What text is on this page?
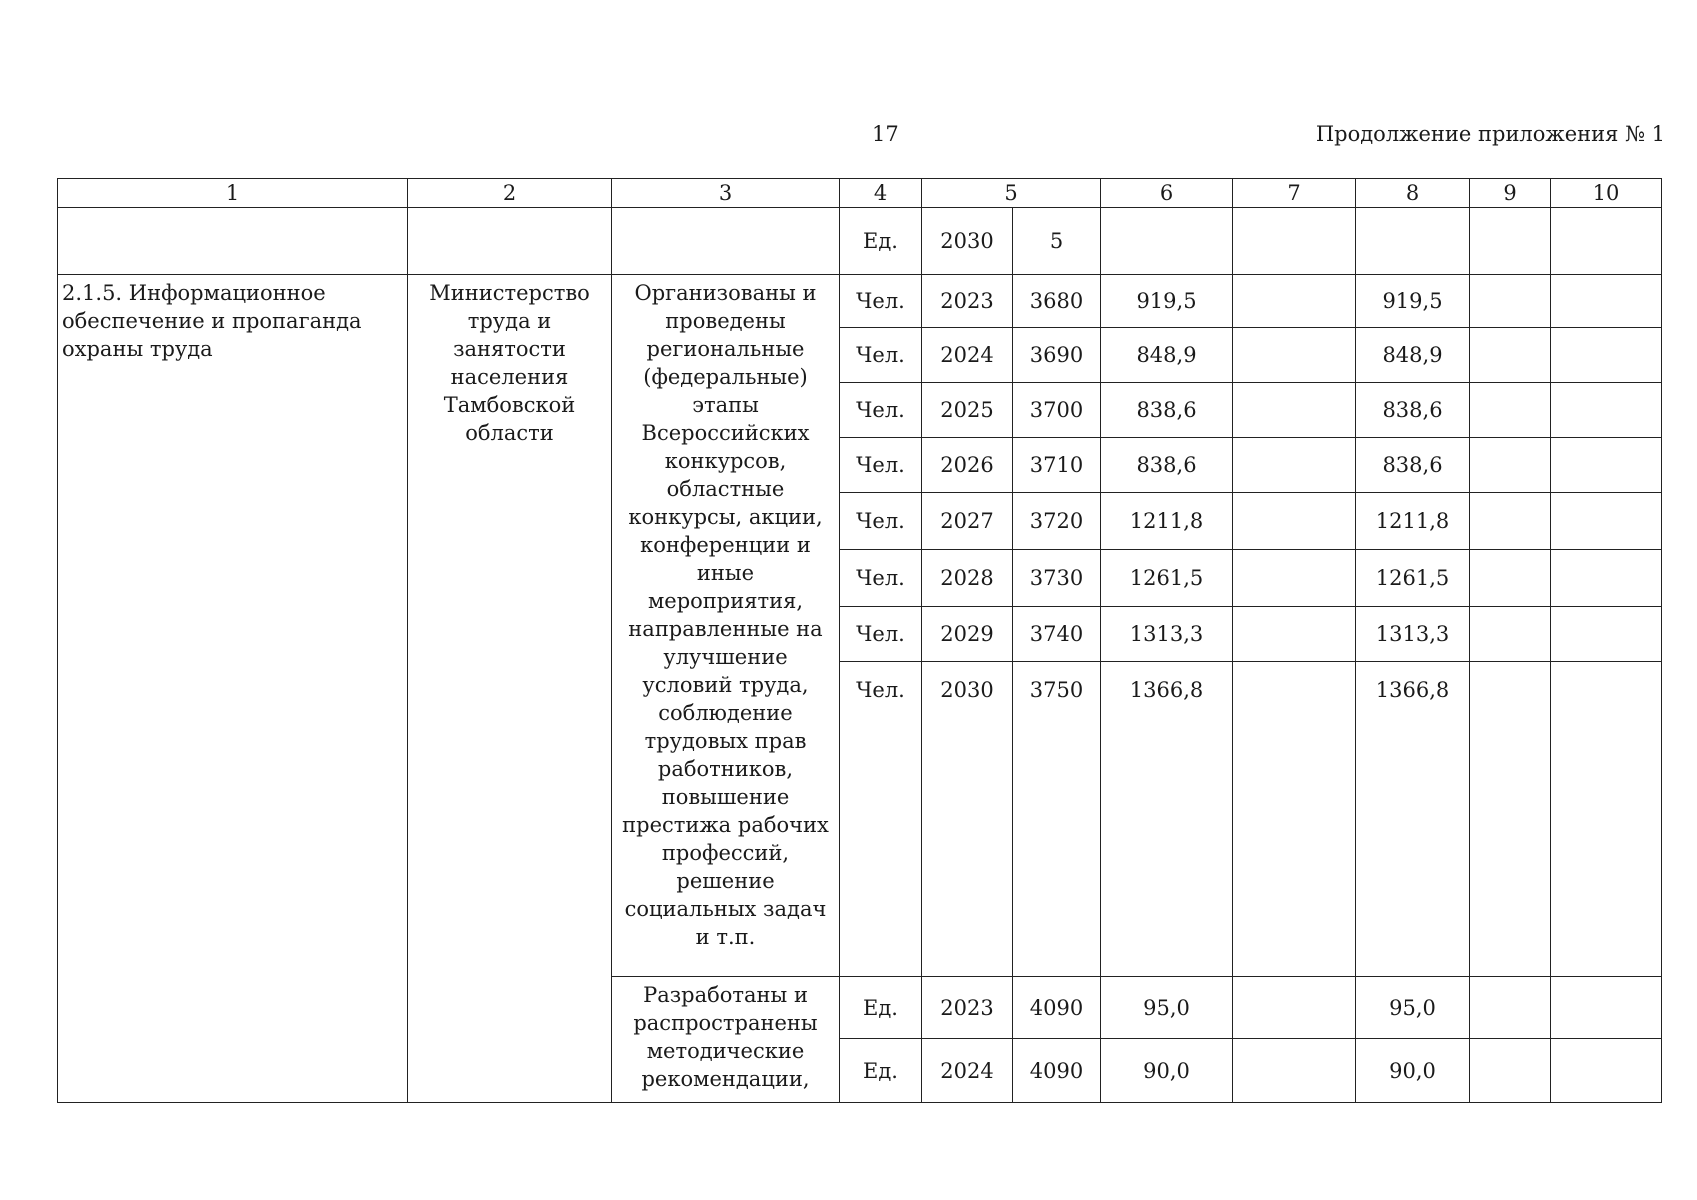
17	Продолжение приложения № 1
1	2	3	4	5		6	7	8	9	10
			Ед.	2030	5					
2.1.5. Информационное обеспечение и пропаганда охраны труда	Министерство труда и занятости населения Тамбовской области	Организованы и проведены региональные (федеральные) этапы Всероссийских конкурсов, областные конкурсы, акции, конференции и иные мероприятия, направленные на улучшение условий труда, соблюдение трудовых прав работников, повышение престижа рабочих профессий, решение социальных задач и т.п.	Чел.	2023	3680	919,5		919,5		
			Чел.	2024	3690	848,9		848,9		
			Чел.	2025	3700	838,6		838,6		
			Чел.	2026	3710	838,6		838,6		
			Чел.	2027	3720	1211,8		1211,8		
			Чел.	2028	3730	1261,5		1261,5		
			Чел.	2029	3740	1313,3		1313,3		
			Чел.	2030	3750	1366,8		1366,8		
		Разработаны и распространены методические рекомендации,	Ед.	2023	4090	95,0		95,0		
			Ед.	2024	4090	90,0		90,0		
